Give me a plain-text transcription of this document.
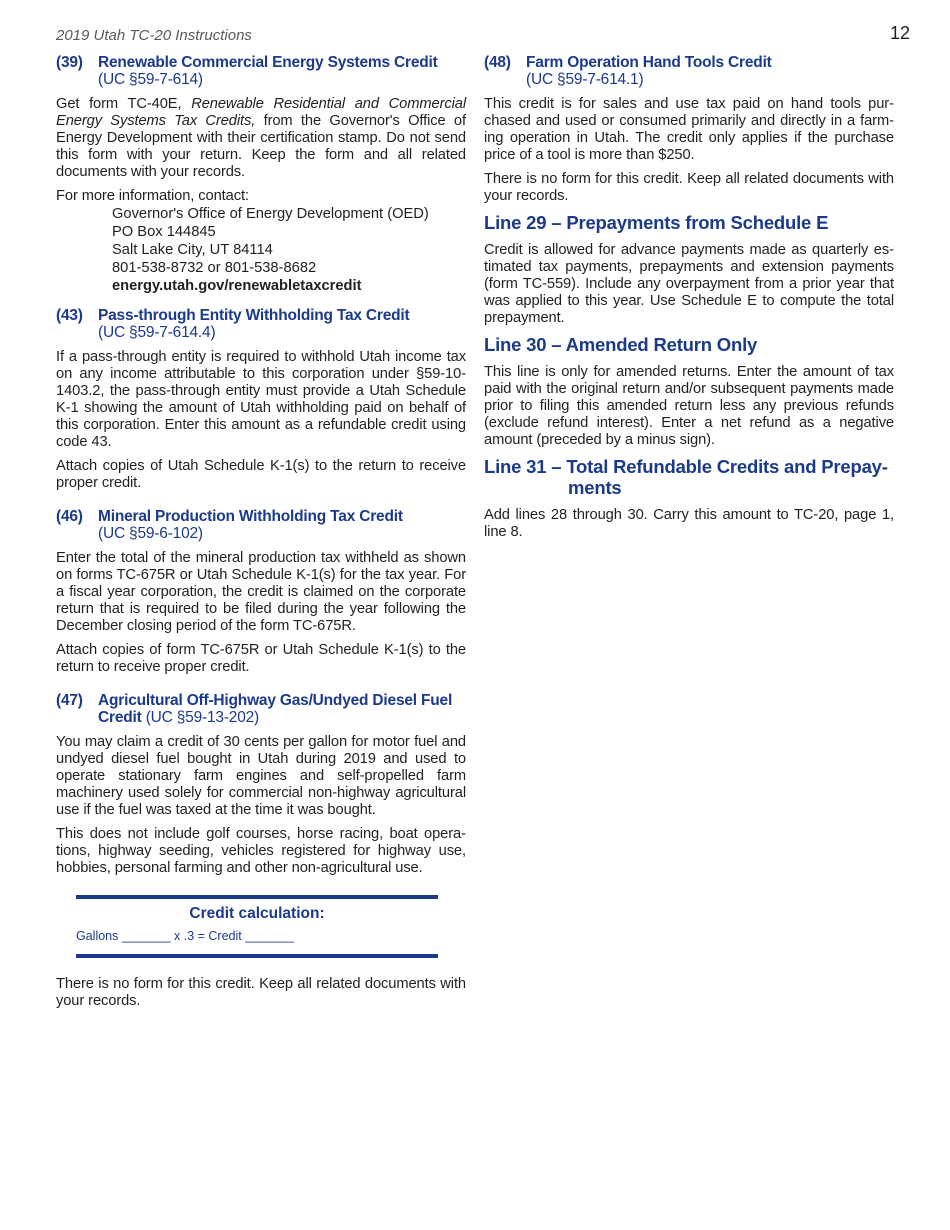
2019 Utah TC-20 Instructions	12
(39) Renewable Commercial Energy Systems Credit
(UC §59-7-614)

Get form TC-40E, Renewable Residential and Commercial Energy Systems Tax Credits, from the Governor's Office of Energy Development with their certification stamp. Do not send this form with your return. Keep the form and all related documents with your records.

For more information, contact:

Governor's Office of Energy Development (OED)
PO Box 144845
Salt Lake City, UT 84114
801-538-8732 or 801-538-8682
energy.utah.gov/renewabletaxcredit
(43) Pass-through Entity Withholding Tax Credit
(UC §59-7-614.4)

If a pass-through entity is required to withhold Utah income tax on any income attributable to this corporation under §59-10-1403.2, the pass-through entity must provide a Utah Schedule K-1 showing the amount of Utah withholding paid on behalf of this corporation. Enter this amount as a refundable credit using code 43.

Attach copies of Utah Schedule K-1(s) to the return to receive proper credit.

(46) Mineral Production Withholding Tax Credit
(UC §59-6-102)

Enter the total of the mineral production tax withheld as shown on forms TC-675R or Utah Schedule K-1(s) for the tax year. For a fiscal year corporation, the credit is claimed on the corporate return that is required to be filed during the year following the December closing period of the form TC-675R.

Attach copies of form TC-675R or Utah Schedule K-1(s) to the return to receive proper credit.

(47) Agricultural Off-Highway Gas/Undyed Diesel Fuel
Credit (UC §59-13-202)

You may claim a credit of 30 cents per gallon for motor fuel and undyed diesel fuel bought in Utah during 2019 and used to operate stationary farm engines and self-propelled farm machinery used solely for commercial non-highway agricultural use if the fuel was taxed at the time it was bought.

This does not include golf courses, horse racing, boat operations, highway seeding, vehicles registered for highway use, hobbies, personal farming and other non-agricultural use.

Credit calculation:
Gallons _______ x .3 = Credit _______

There is no form for this credit. Keep all related documents with your records.

(48) Farm Operation Hand Tools Credit
(UC §59-7-614.1)

This credit is for sales and use tax paid on hand tools purchased and used or consumed primarily and directly in a farming operation in Utah. The credit only applies if the purchase price of a tool is more than $250.

There is no form for this credit. Keep all related documents with your records.

Line 29 – Prepayments from Schedule E

Credit is allowed for advance payments made as quarterly estimated tax payments, prepayments and extension payments (form TC-559). Include any overpayment from a prior year that was applied to this year. Use Schedule E to compute the total prepayment.

Line 30 – Amended Return Only

This line is only for amended returns. Enter the amount of tax paid with the original return and/or subsequent payments made prior to filing this amended return less any previous refunds (exclude refund interest). Enter a net refund as a negative amount (preceded by a minus sign).

Line 31 – Total Refundable Credits and Prepay-
ments

Add lines 28 through 30. Carry this amount to TC-20, page 1, line 8.
